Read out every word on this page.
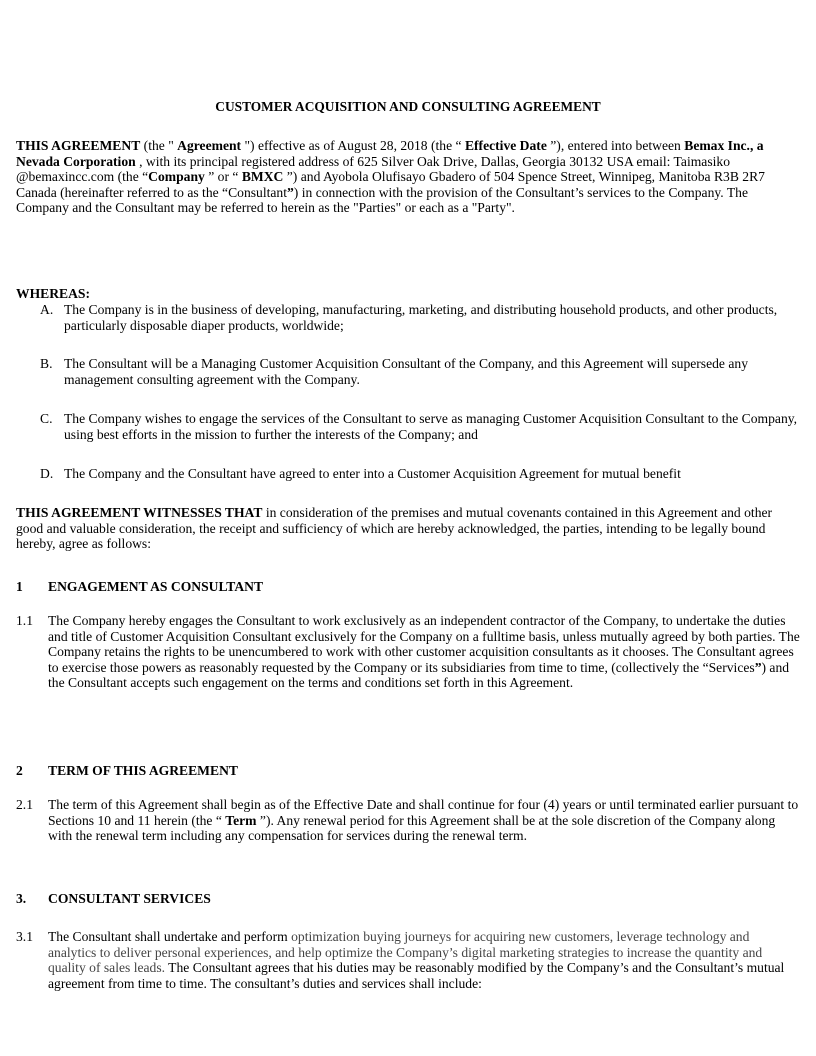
CUSTOMER ACQUISITION AND CONSULTING AGREEMENT
THIS AGREEMENT (the " Agreement ") effective as of August 28, 2018 (the “ Effective Date ”), entered into between Bemax Inc., a Nevada Corporation , with its principal registered address of 625 Silver Oak Drive, Dallas, Georgia 30132 USA email: Taimasiko @bemaxincc.com (the “Company ” or “ BMXC ”) and Ayobola Olufisayo Gbadero of 504 Spence Street, Winnipeg, Manitoba R3B 2R7 Canada (hereinafter referred to as the “Consultant”) in connection with the provision of the Consultant’s services to the Company. The Company and the Consultant may be referred to herein as the "Parties" or each as a "Party".
WHEREAS:
A. The Company is in the business of developing, manufacturing, marketing, and distributing household products, and other products, particularly disposable diaper products, worldwide;
B. The Consultant will be a Managing Customer Acquisition Consultant of the Company, and this Agreement will supersede any management consulting agreement with the Company.
C. The Company wishes to engage the services of the Consultant to serve as managing Customer Acquisition Consultant to the Company, using best efforts in the mission to further the interests of the Company; and
D. The Company and the Consultant have agreed to enter into a Customer Acquisition Agreement for mutual benefit
THIS AGREEMENT WITNESSES THAT in consideration of the premises and mutual covenants contained in this Agreement and other good and valuable consideration, the receipt and sufficiency of which are hereby acknowledged, the parties, intending to be legally bound hereby, agree as follows:
1 ENGAGEMENT AS CONSULTANT
1.1 The Company hereby engages the Consultant to work exclusively as an independent contractor of the Company, to undertake the duties and title of Customer Acquisition Consultant exclusively for the Company on a fulltime basis, unless mutually agreed by both parties. The Company retains the rights to be unencumbered to work with other customer acquisition consultants as it chooses. The Consultant agrees to exercise those powers as reasonably requested by the Company or its subsidiaries from time to time, (collectively the “Services”) and the Consultant accepts such engagement on the terms and conditions set forth in this Agreement.
2 TERM OF THIS AGREEMENT
2.1 The term of this Agreement shall begin as of the Effective Date and shall continue for four (4) years or until terminated earlier pursuant to Sections 10 and 11 herein (the “ Term ”). Any renewal period for this Agreement shall be at the sole discretion of the Company along with the renewal term including any compensation for services during the renewal term.
3. CONSULTANT SERVICES
3.1 The Consultant shall undertake and perform optimization buying journeys for acquiring new customers, leverage technology and analytics to deliver personal experiences, and help optimize the Company’s digital marketing strategies to increase the quantity and quality of sales leads. The Consultant agrees that his duties may be reasonably modified by the Company’s and the Consultant’s mutual agreement from time to time. The consultant’s duties and services shall include:
